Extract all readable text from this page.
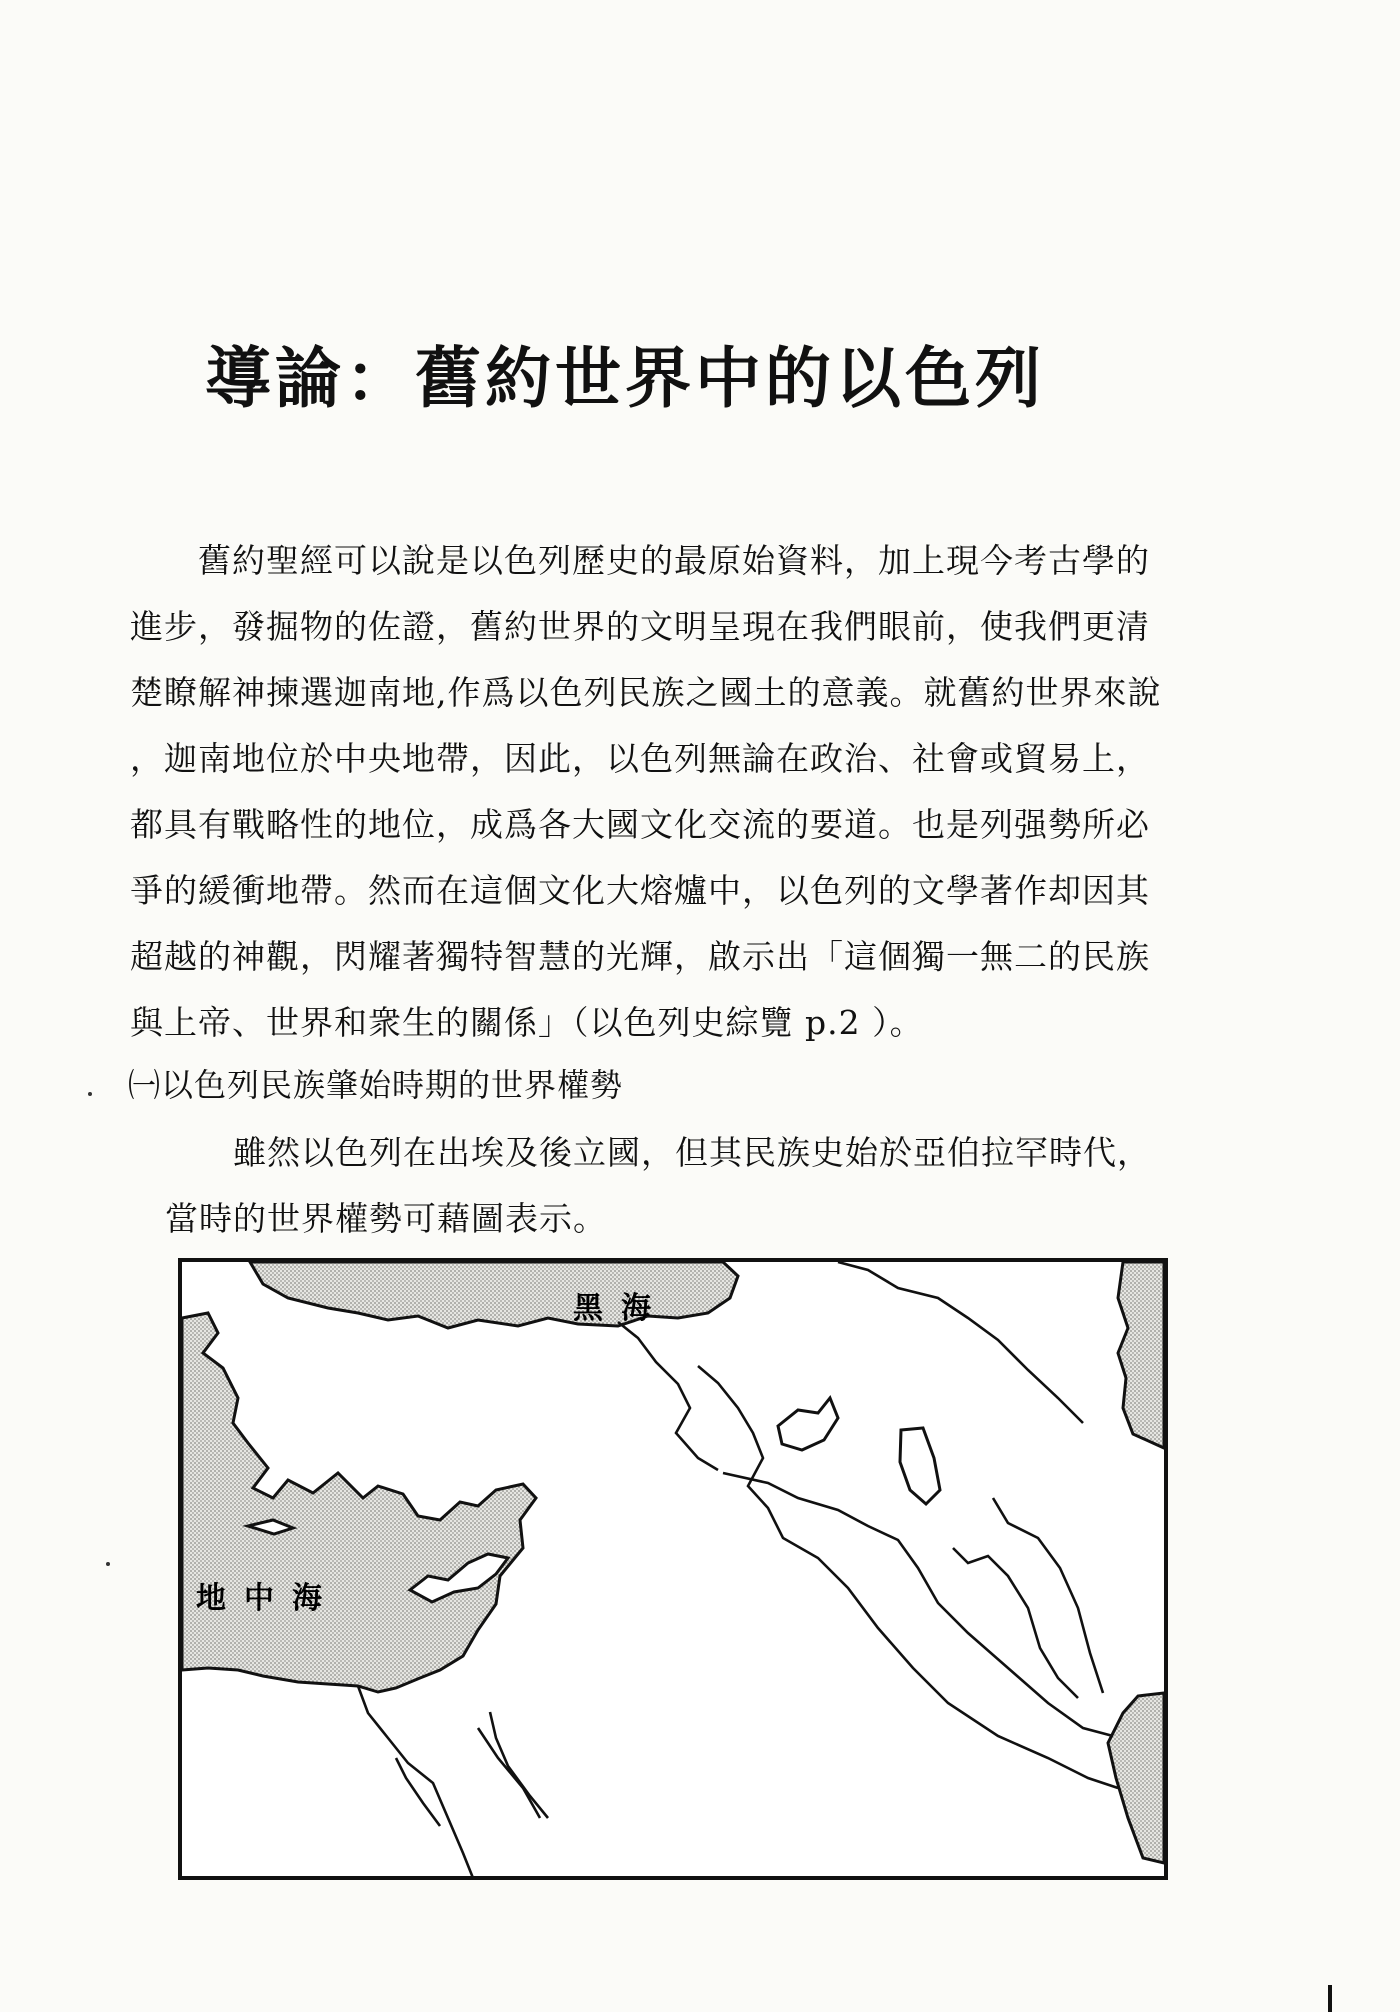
導論：舊約世界中的以色列
舊約聖經可以說是以色列歷史的最原始資料，加上現今考古學的
進步，發掘物的佐證，舊約世界的文明呈現在我們眼前，使我們更清
楚瞭解神揀選迦南地,作爲以色列民族之國土的意義。就舊約世界來說
，迦南地位於中央地帶，因此，以色列無論在政治、社會或貿易上，
都具有戰略性的地位，成爲各大國文化交流的要道。也是列强勢所必
爭的緩衝地帶。然而在這個文化大熔爐中，以色列的文學著作却因其
超越的神觀，閃耀著獨特智慧的光輝，啟示出「這個獨一無二的民族
與上帝、世界和衆生的關係」（以色列史綜覽 p.2 ）。
㈠以色列民族肇始時期的世界權勢
雖然以色列在出埃及後立國，但其民族史始於亞伯拉罕時代，
當時的世界權勢可藉圖表示。
黑海
地中海
